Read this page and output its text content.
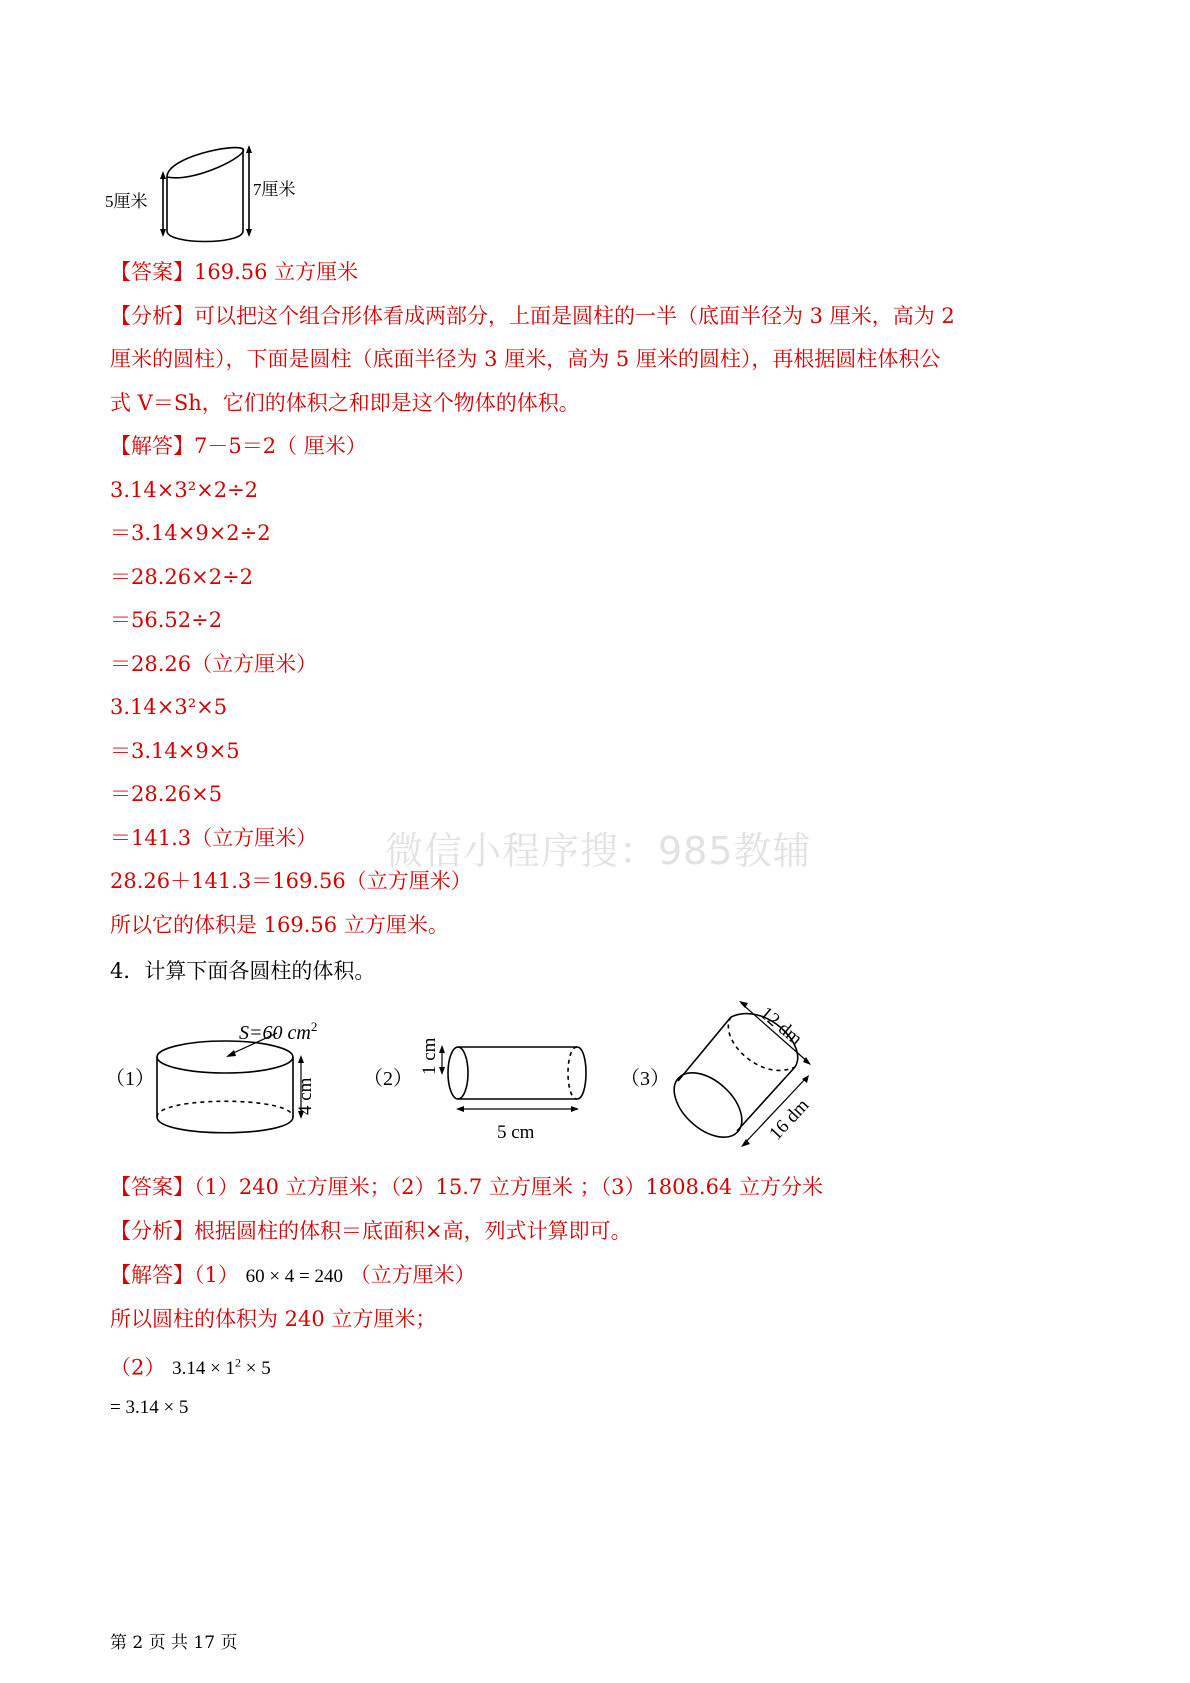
5厘米
7厘米
【答案】169.56 立方厘米
【分析】可以把这个组合形体看成两部分，上面是圆柱的一半（底面半径为 3 厘米，高为 2
厘米的圆柱），下面是圆柱（底面半径为 3 厘米，高为 5 厘米的圆柱），再根据圆柱体积公
式 V＝Sh，它们的体积之和即是这个物体的体积。
【解答】7－5＝2（ 厘米）
3.14×3²×2÷2
＝3.14×9×2÷2
＝28.26×2÷2
＝56.52÷2
＝28.26（立方厘米）
3.14×3²×5
＝3.14×9×5
＝28.26×5
＝141.3（立方厘米）
28.26＋141.3＝169.56（立方厘米）
所以它的体积是 169.56 立方厘米。
微信小程序搜：985教辅
4．计算下面各圆柱的体积。
（1）
S=60 $cm^2$
4 cm （2）
1 cm
5 cm
（3）
12 dm
16 dm
【答案】（1）240 立方厘米；（2）15.7 立方厘米 ；（3）1808.64 立方分米
【分析】根据圆柱的体积＝底面积×高，列式计算即可。
【解答】（1） 60 × 4 = 240 （立方厘米）
所以圆柱的体积为 240 立方厘米；
（2） $3.14 \times 1^2 \times 5$
= 3.14 × 5
第 2 页 共 17 页
